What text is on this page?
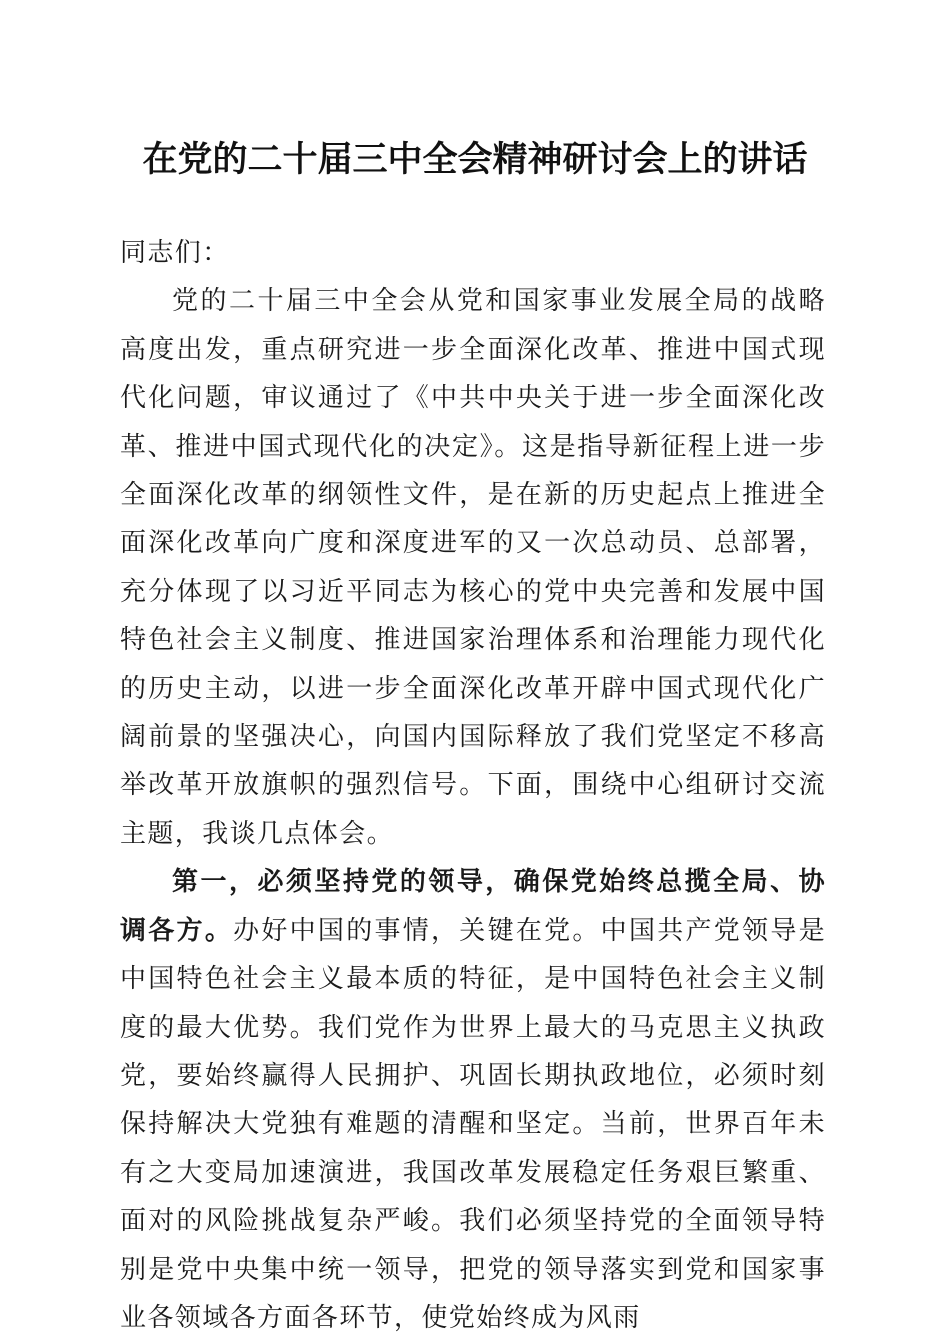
在党的二十届三中全会精神研讨会上的讲话

同志们：

党的二十届三中全会从党和国家事业发展全局的战略高度出发，重点研究进一步全面深化改革、推进中国式现代化问题，审议通过了《中共中央关于进一步全面深化改革、推进中国式现代化的决定》。这是指导新征程上进一步全面深化改革的纲领性文件，是在新的历史起点上推进全面深化改革向广度和深度进军的又一次总动员、总部署，充分体现了以习近平同志为核心的党中央完善和发展中国特色社会主义制度、推进国家治理体系和治理能力现代化的历史主动，以进一步全面深化改革开辟中国式现代化广阔前景的坚强决心，向国内国际释放了我们党坚定不移高举改革开放旗帜的强烈信号。下面，围绕中心组研讨交流主题，我谈几点体会。

第一，必须坚持党的领导，确保党始终总揽全局、协调各方。办好中国的事情，关键在党。中国共产党领导是中国特色社会主义最本质的特征，是中国特色社会主义制度的最大优势。我们党作为世界上最大的马克思主义执政党，要始终赢得人民拥护、巩固长期执政地位，必须时刻保持解决大党独有难题的清醒和坚定。当前，世界百年未有之大变局加速演进，我国改革发展稳定任务艰巨繁重、面对的风险挑战复杂严峻。我们必须坚持党的全面领导特别是党中央集中统一领导，把党的领导落实到党和国家事业各领域各方面各环节，使党始终成为风雨
